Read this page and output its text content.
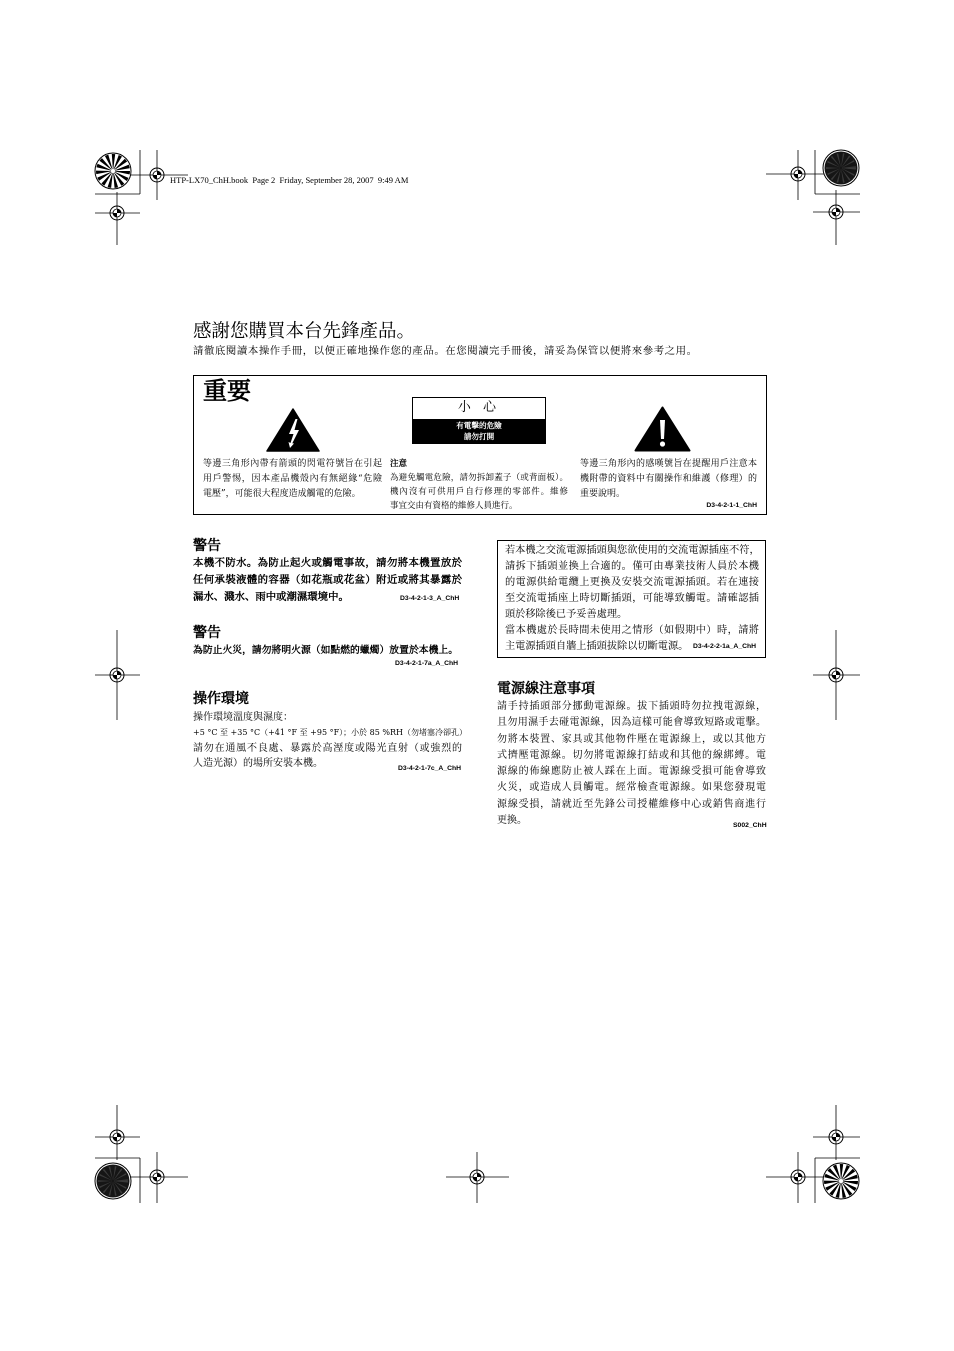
HTP-LX70_ChH.book  Page 2  Friday, September 28, 2007  9:49 AM
感謝您購買本台先鋒產品。
請徹底閱讀本操作手冊，以便正確地操作您的產品。在您閱讀完手冊後，請妥為保管以便將來參考之用。
重要
小 心
有電擊的危險
請勿打開
等邊三角形內帶有箭頭的閃電符號旨在引起
用戶警惕，因本產品機殼內有無絕緣“危險
電壓”，可能很大程度造成觸電的危險。
注意
為避免觸電危險，請勿拆卸蓋子（或背面板）。
機內沒有可供用戶自行修理的零部件。維修
事宜交由有資格的維修人員進行。
等邊三角形內的感嘆號旨在提醒用戶注意本
機附帶的資料中有關操作和維護（修理）的
重要說明。
D3-4-2-1-1_ChH
警告
本機不防水。為防止起火或觸電事故，請勿將本機置放於
任何承裝液體的容器（如花瓶或花盆）附近或將其暴露於
漏水、濺水、雨中或潮濕環境中。	D3-4-2-1-3_A_ChH
警告
為防止火災，請勿將明火源（如點燃的蠟燭）放置於本機上。
D3-4-2-1-7a_A_ChH
操作環境
操作環境溫度與濕度：
+5 °C 至 +35 °C（+41 °F 至 +95 °F）；小於 85 %RH（勿堵塞冷卻孔）
請勿在通風不良處、暴露於高溼度或陽光直射（或強烈的
人造光源）的場所安裝本機。	D3-4-2-1-7c_A_ChH
若本機之交流電源插頭與您欲使用的交流電源插座不符，
請拆下插頭並換上合適的。僅可由專業技術人員於本機
的電源供給電纜上更換及安裝交流電源插頭。若在連接
至交流電插座上時切斷插頭，可能導致觸電。請確認插
頭於移除後已予妥善處理。
當本機處於長時間未使用之情形（如假期中）時，請將
主電源插頭自牆上插頭拔除以切斷電源。 D3-4-2-2-1a_A_ChH
電源線注意事項
請手持插頭部分挪動電源線。拔下插頭時勿拉拽電源線，
且勿用濕手去碰電源線，因為這樣可能會導致短路或電擊。
勿將本裝置、家具或其他物件壓在電源線上，或以其他方
式擠壓電源線。切勿將電源線打結或和其他的線綁縛。電
源線的佈線應防止被人踩在上面。電源線受損可能會導致
火災，或造成人員觸電。經常檢查電源線。如果您發現電
源線受損，請就近至先鋒公司授權維修中心或銷售商進行
更換。	S002_ChH
